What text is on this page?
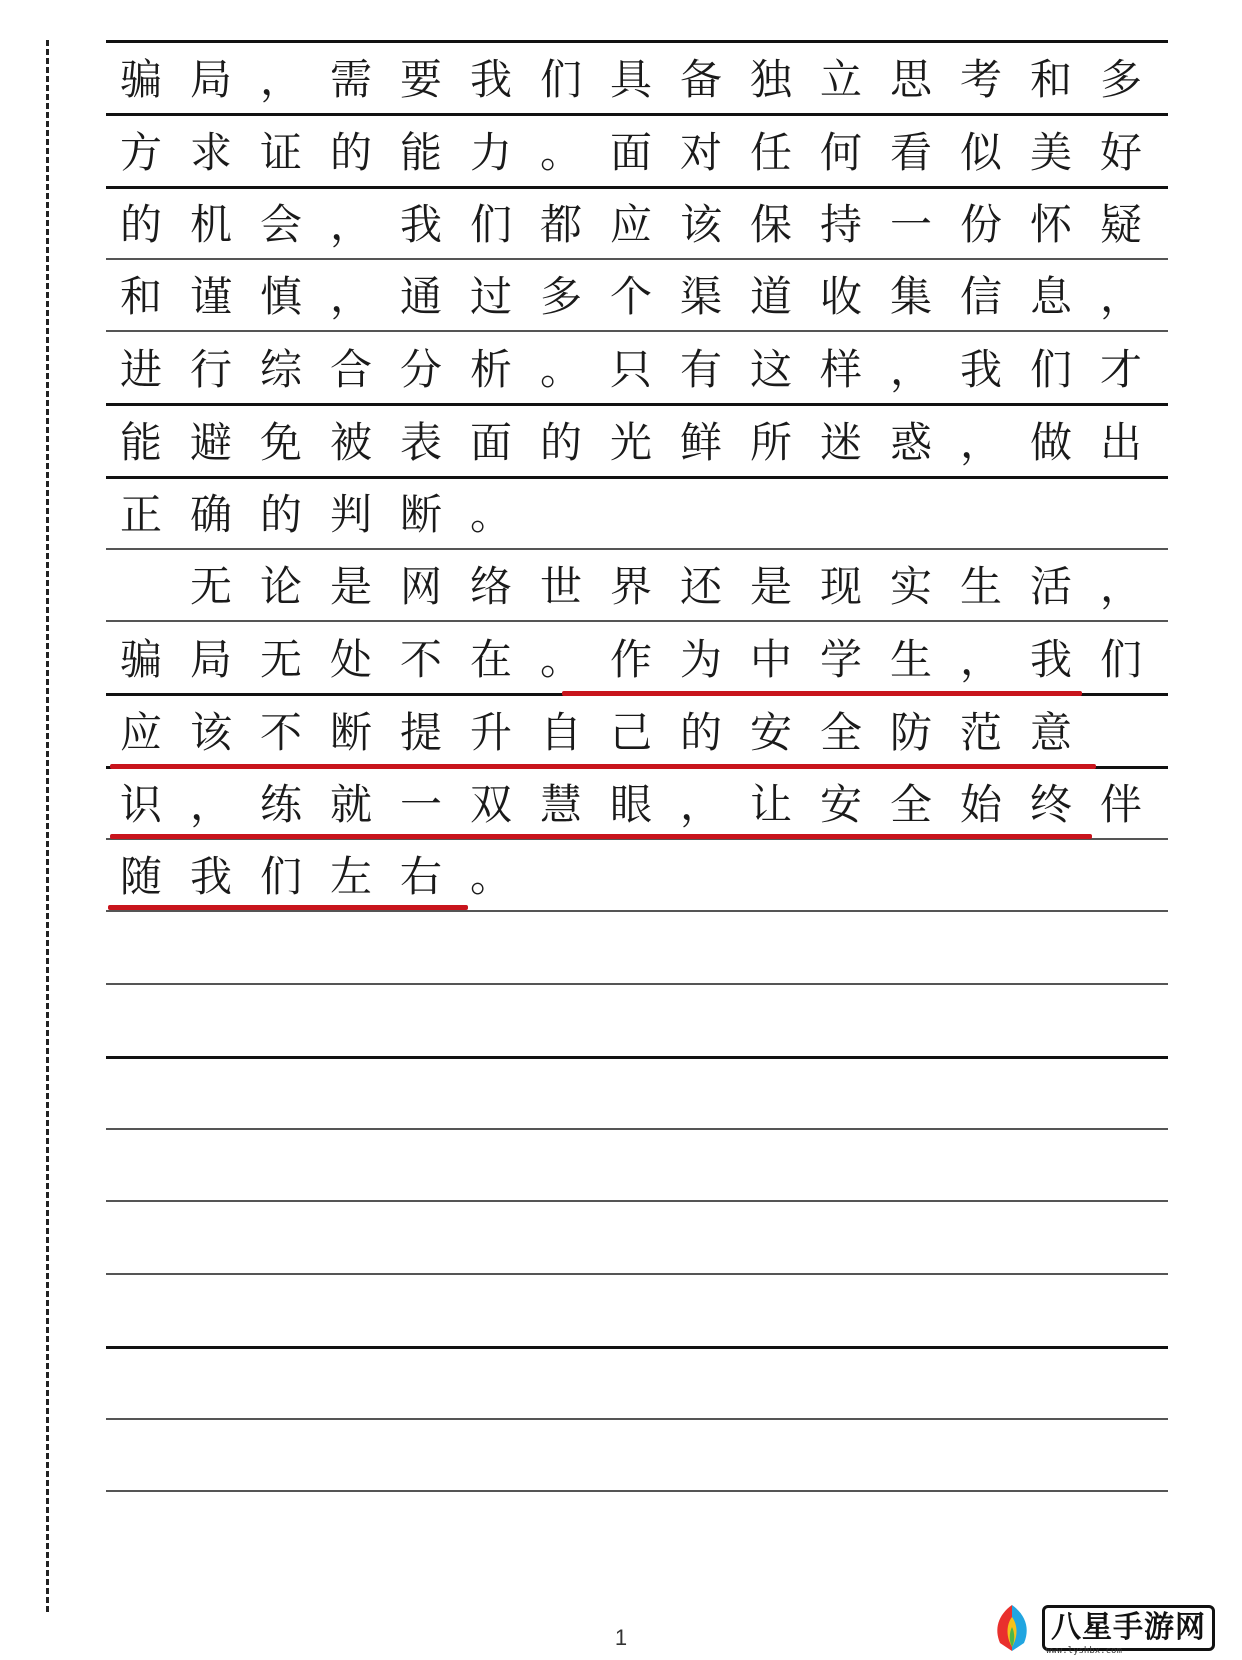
骗 局 ， 需 要 我 们 具 备 独 立 思 考 和 多
方 求 证 的 能 力 。 面 对 任 何 看 似 美 好
的 机 会 ， 我 们 都 应 该 保 持 一 份 怀 疑
和 谨 慎 ， 通 过 多 个 渠 道 收 集 信 息 ，
进 行 综 合 分 析 。 只 有 这 样 ， 我 们 才
能 避 免 被 表 面 的 光 鲜 所 迷 惑 ， 做 出
正 确 的 判 断 。
无 论 是 网 络 世 界 还 是 现 实 生 活 ，
骗 局 无 处 不 在 。 作 为 中 学 生 ， 我 们
应 该 不 断 提 升 自 己 的 安 全 防 范 意
识 ， 练 就 一 双 慧 眼 ， 让 安 全 始 终 伴
随 我 们 左 右 。
1	八星手游网
www.lyshbx.com
